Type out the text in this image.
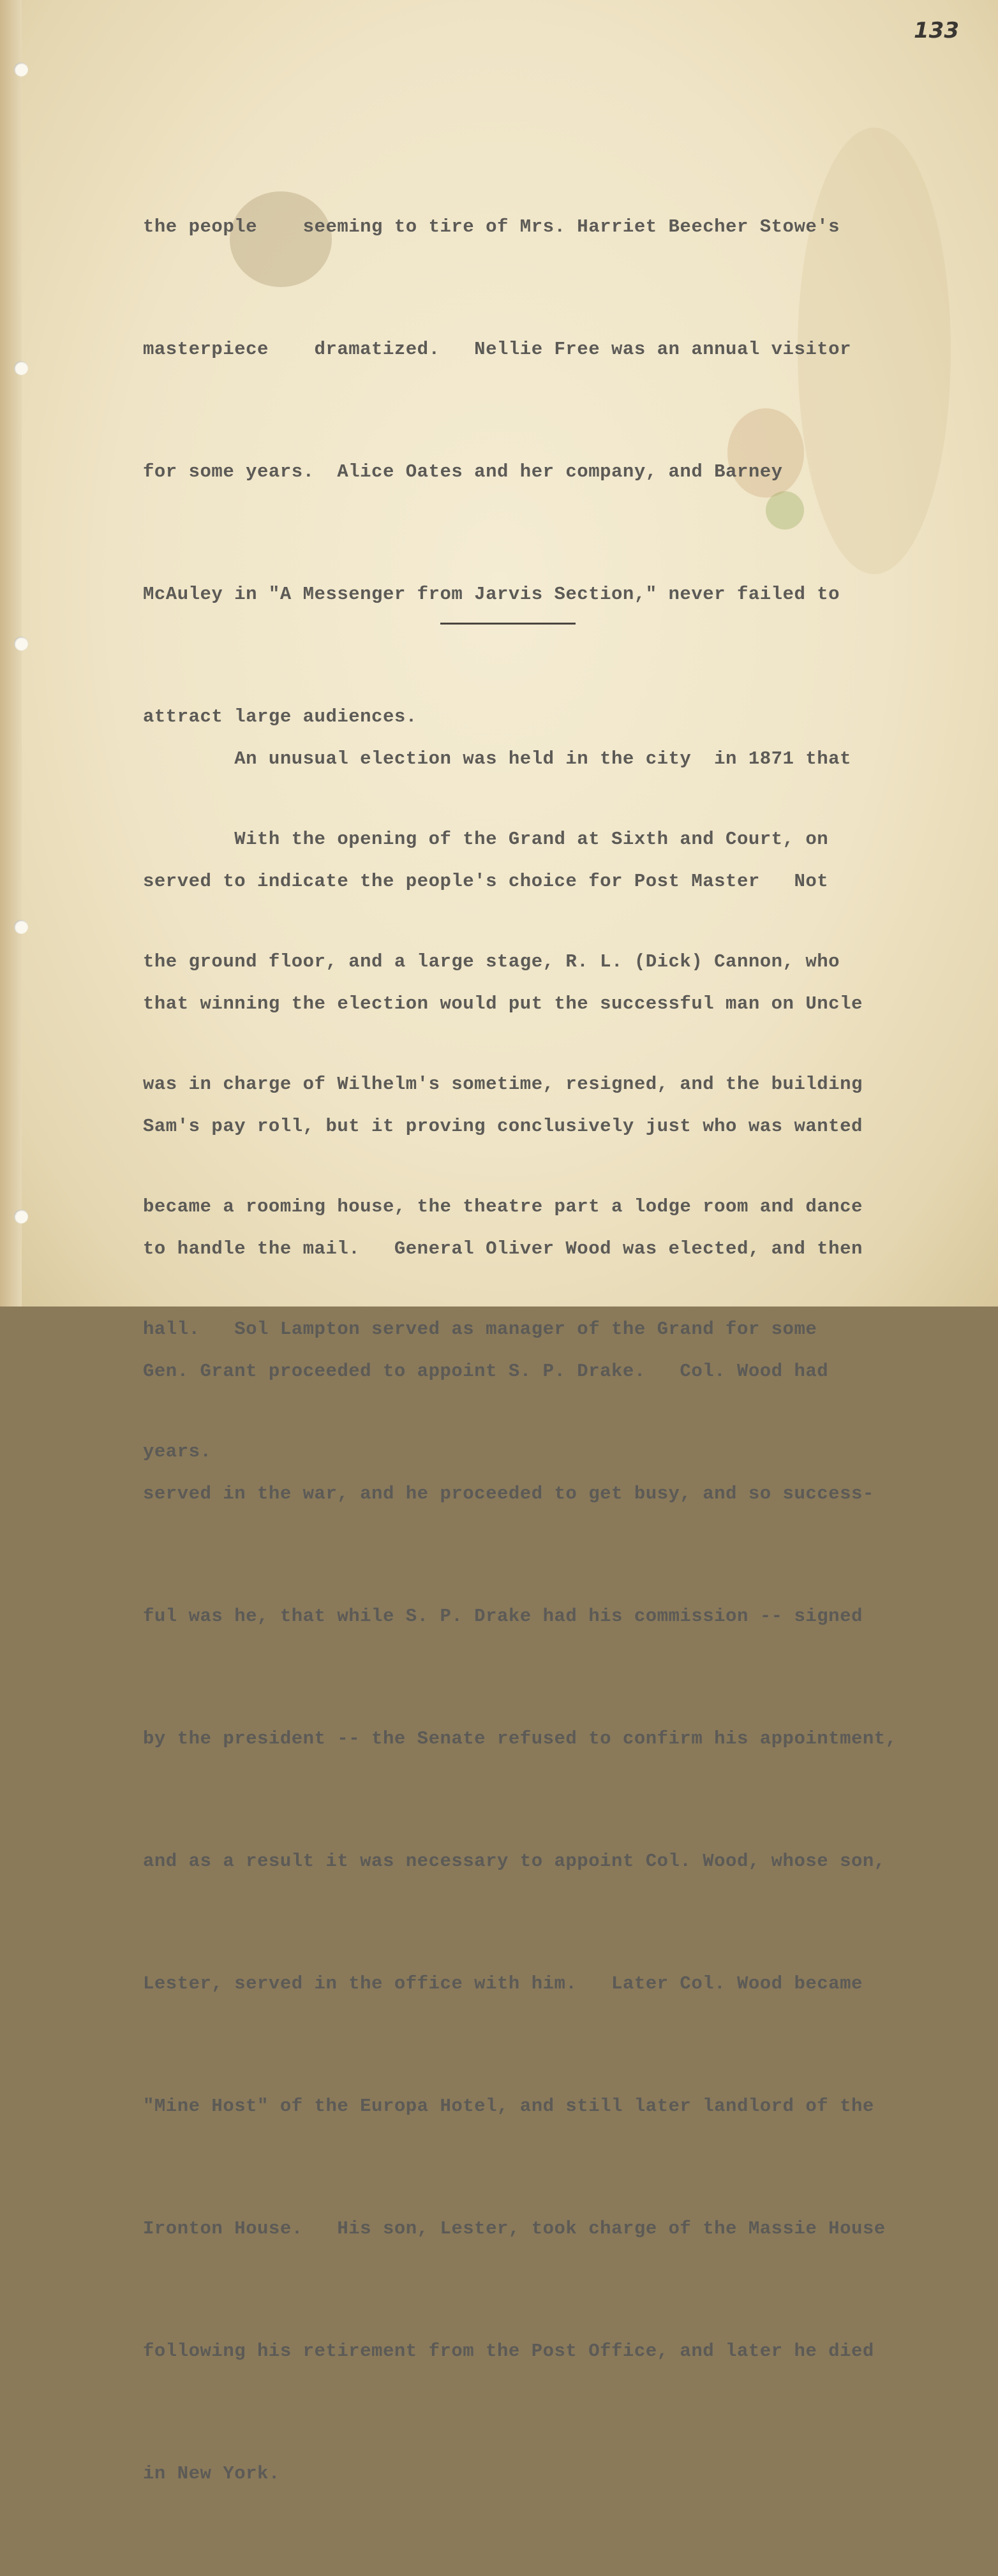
133

the people    seeming to tire of Mrs. Harriet Beecher Stowe's

masterpiece    dramatized.   Nellie Free was an annual visitor

for some years.  Alice Oates and her company, and Barney

McAuley in "A Messenger from Jarvis Section," never failed to

attract large audiences.

With the opening of the Grand at Sixth and Court, on

the ground floor, and a large stage, R. L. (Dick) Cannon, who

was in charge of Wilhelm's sometime, resigned, and the building

became a rooming house, the theatre part a lodge room and dance

hall.   Sol Lampton served as manager of the Grand for some

years.

An unusual election was held in the city  in 1871 that

served to indicate the people's choice for Post Master   Not

that winning the election would put the successful man on Uncle

Sam's pay roll, but it proving conclusively just who was wanted

to handle the mail.   General Oliver Wood was elected, and then

Gen. Grant proceeded to appoint S. P. Drake.   Col. Wood had

served in the war, and he proceeded to get busy, and so success-

ful was he, that while S. P. Drake had his commission -- signed

by the president -- the Senate refused to confirm his appointment,

and as a result it was necessary to appoint Col. Wood, whose son,

Lester, served in the office with him.   Later Col. Wood became

"Mine Host" of the Europa Hotel, and still later landlord of the

Ironton House.   His son, Lester, took charge of the Massie House

following his retirement from the Post Office, and later he died

in New York.
